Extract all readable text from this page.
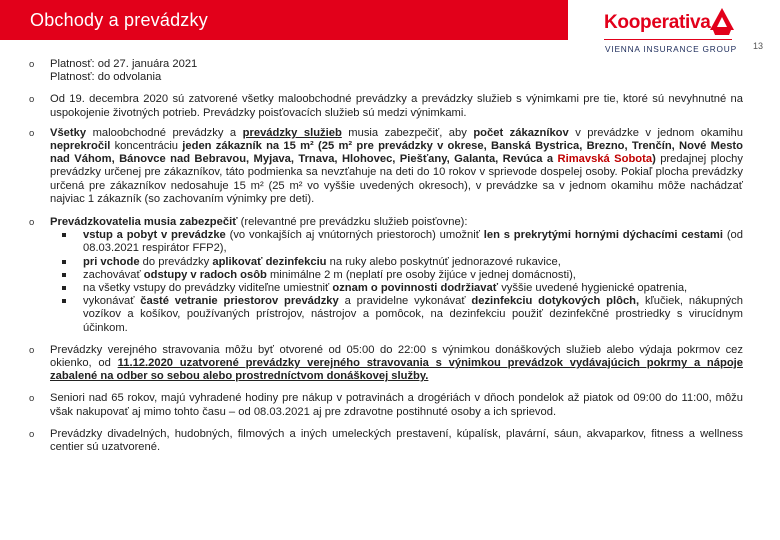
Obchody a prevádzky	Kooperativa
VIENNA INSURANCE GROUP 13
o Platnosť: od 27. januára 2021
Platnosť: do odvolania
o Od 19. decembra 2020 sú zatvorené všetky maloobchodné prevádzky a prevádzky služieb s výnimkami pre tie, ktoré sú nevyhnutné na uspokojenie životných potrieb. Prevádzky poisťovacích služieb sú medzi výnimkami.
o Všetky maloobchodné prevádzky a prevádzky služieb musia zabezpečiť, aby počet zákazníkov v prevádzke v jednom okamihu neprekročil koncentráciu jeden zákazník na 15 m² (25 m² pre prevádzky v okrese, Banská Bystrica, Brezno, Trenčín, Nové Mesto nad Váhom, Bánovce nad Bebravou, Myjava, Trnava, Hlohovec, Piešťany, Galanta, Revúca a Rimavská Sobota) predajnej plochy prevádzky určenej pre zákazníkov, táto podmienka sa nevzťahuje na deti do 10 rokov v sprievode dospelej osoby. Pokiaľ plocha prevádzky určená pre zákazníkov nedosahuje 15 m² (25 m² vo vyššie uvedených okresoch), v prevádzke sa v jednom okamihu môže nachádzať najviac 1 zákazník (so zachovaním výnimky pre deti).
o Prevádzkovatelia musia zabezpečiť (relevantné pre prevádzku služieb poisťovne):
vstup a pobyt v prevádzke (vo vonkajších aj vnútorných priestoroch) umožniť len s prekrytými hornými dýchacími cestami (od 08.03.2021 respirátor FFP2),
pri vchode do prevádzky aplikovať dezinfekciu na ruky alebo poskytnúť jednorazové rukavice,
zachovávať odstupy v radoch osôb minimálne 2 m (neplatí pre osoby žijúce v jednej domácnosti),
na všetky vstupy do prevádzky viditeľne umiestniť oznam o povinnosti dodržiavať vyššie uvedené hygienické opatrenia,
vykonávať časté vetranie priestorov prevádzky a pravidelne vykonávať dezinfekciu dotykových plôch, kľučiek, nákupných vozíkov a košíkov, používaných prístrojov, nástrojov a pomôcok, na dezinfekciu použiť dezinfekčné prostriedky s virucídnym účinkom.
o Prevádzky verejného stravovania môžu byť otvorené od 05:00 do 22:00 s výnimkou donáškových služieb alebo výdaja pokrmov cez okienko, od 11.12.2020 uzatvorené prevádzky verejného stravovania s výnimkou prevádzok vydávajúcich pokrmy a nápoje zabalené na odber so sebou alebo prostredníctvom donáškovej služby.
o Seniori nad 65 rokov, majú vyhradené hodiny pre nákup v potravinách a drogériách v dňoch pondelok až piatok od 09:00 do 11:00, môžu však nakupovať aj mimo tohto času – od 08.03.2021 aj pre zdravotne postihnuté osoby a ich sprievod.
o Prevádzky divadelných, hudobných, filmových a iných umeleckých prestavení, kúpalísk, plavární, sáun, akvaparkov, fitness a wellness centier sú uzatvorené.
